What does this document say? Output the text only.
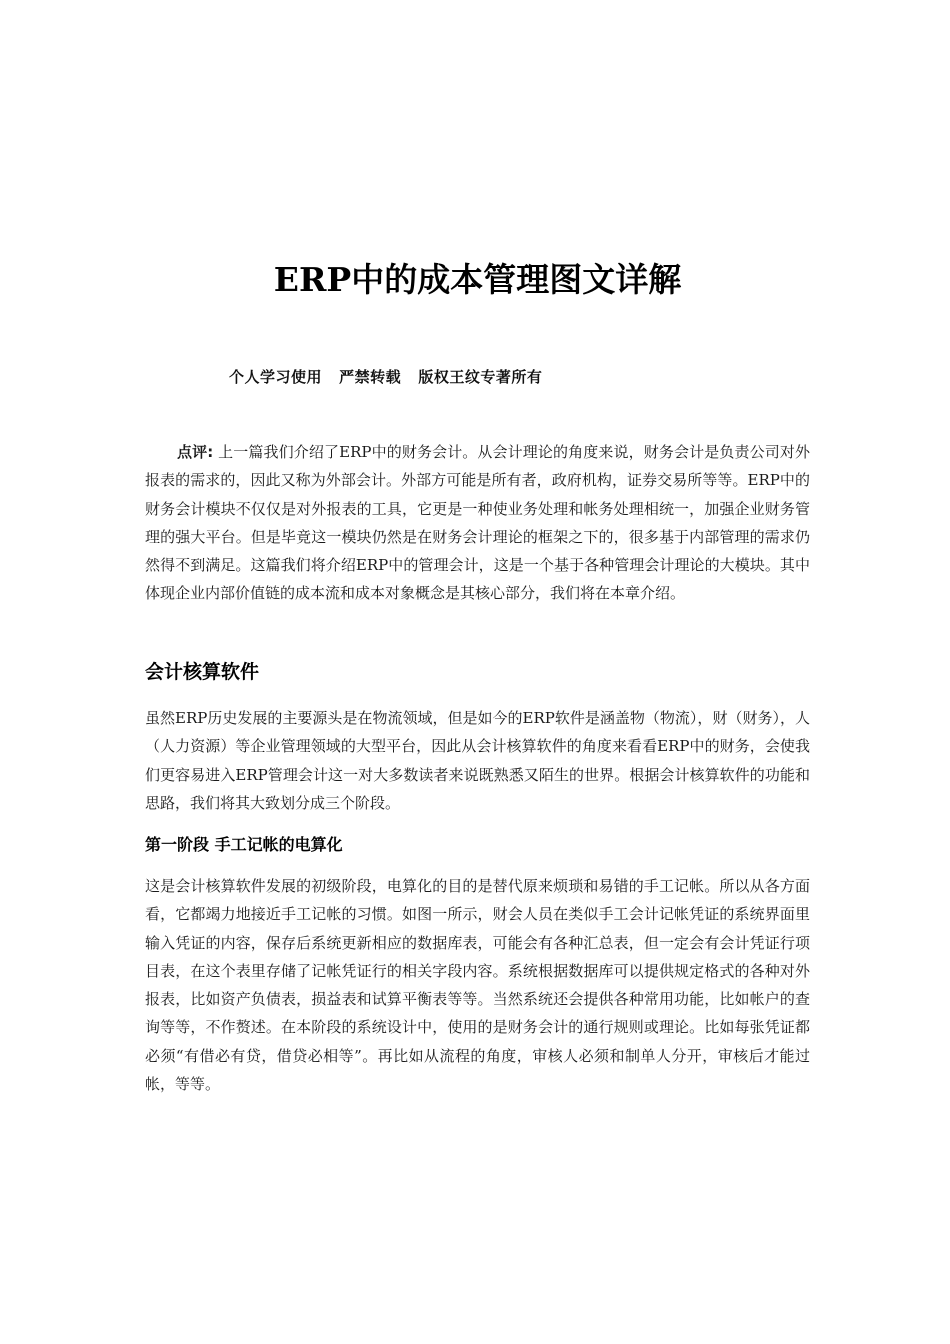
ERP中的成本管理图文详解

个人学习使用   严禁转载   版权王纹专著所有

点评: 上一篇我们介绍了ERP中的财务会计。从会计理论的角度来说，财务会计是负责公司对外报表的需求的，因此又称为外部会计。外部方可能是所有者，政府机构，证券交易所等等。ERP中的财务会计模块不仅仅是对外报表的工具，它更是一种使业务处理和帐务处理相统一，加强企业财务管理的强大平台。但是毕竟这一模块仍然是在财务会计理论的框架之下的，很多基于内部管理的需求仍然得不到满足。这篇我们将介绍ERP中的管理会计，这是一个基于各种管理会计理论的大模块。其中体现企业内部价值链的成本流和成本对象概念是其核心部分，我们将在本章介绍。

会计核算软件

虽然ERP历史发展的主要源头是在物流领域，但是如今的ERP软件是涵盖物（物流），财（财务），人（人力资源）等企业管理领域的大型平台，因此从会计核算软件的角度来看看ERP中的财务，会使我们更容易进入ERP管理会计这一对大多数读者来说既熟悉又陌生的世界。根据会计核算软件的功能和思路，我们将其大致划分成三个阶段。

第一阶段 手工记帐的电算化

这是会计核算软件发展的初级阶段，电算化的目的是替代原来烦琐和易错的手工记帐。所以从各方面看，它都竭力地接近手工记帐的习惯。如图一所示，财会人员在类似手工会计记帐凭证的系统界面里输入凭证的内容，保存后系统更新相应的数据库表，可能会有各种汇总表，但一定会有会计凭证行项目表，在这个表里存储了记帐凭证行的相关字段内容。系统根据数据库可以提供规定格式的各种对外报表，比如资产负债表，损益表和试算平衡表等等。当然系统还会提供各种常用功能，比如帐户的查询等等，不作赘述。在本阶段的系统设计中，使用的是财务会计的通行规则或理论。比如每张凭证都必须“有借必有贷，借贷必相等”。再比如从流程的角度，审核人必须和制单人分开，审核后才能过帐，等等。
